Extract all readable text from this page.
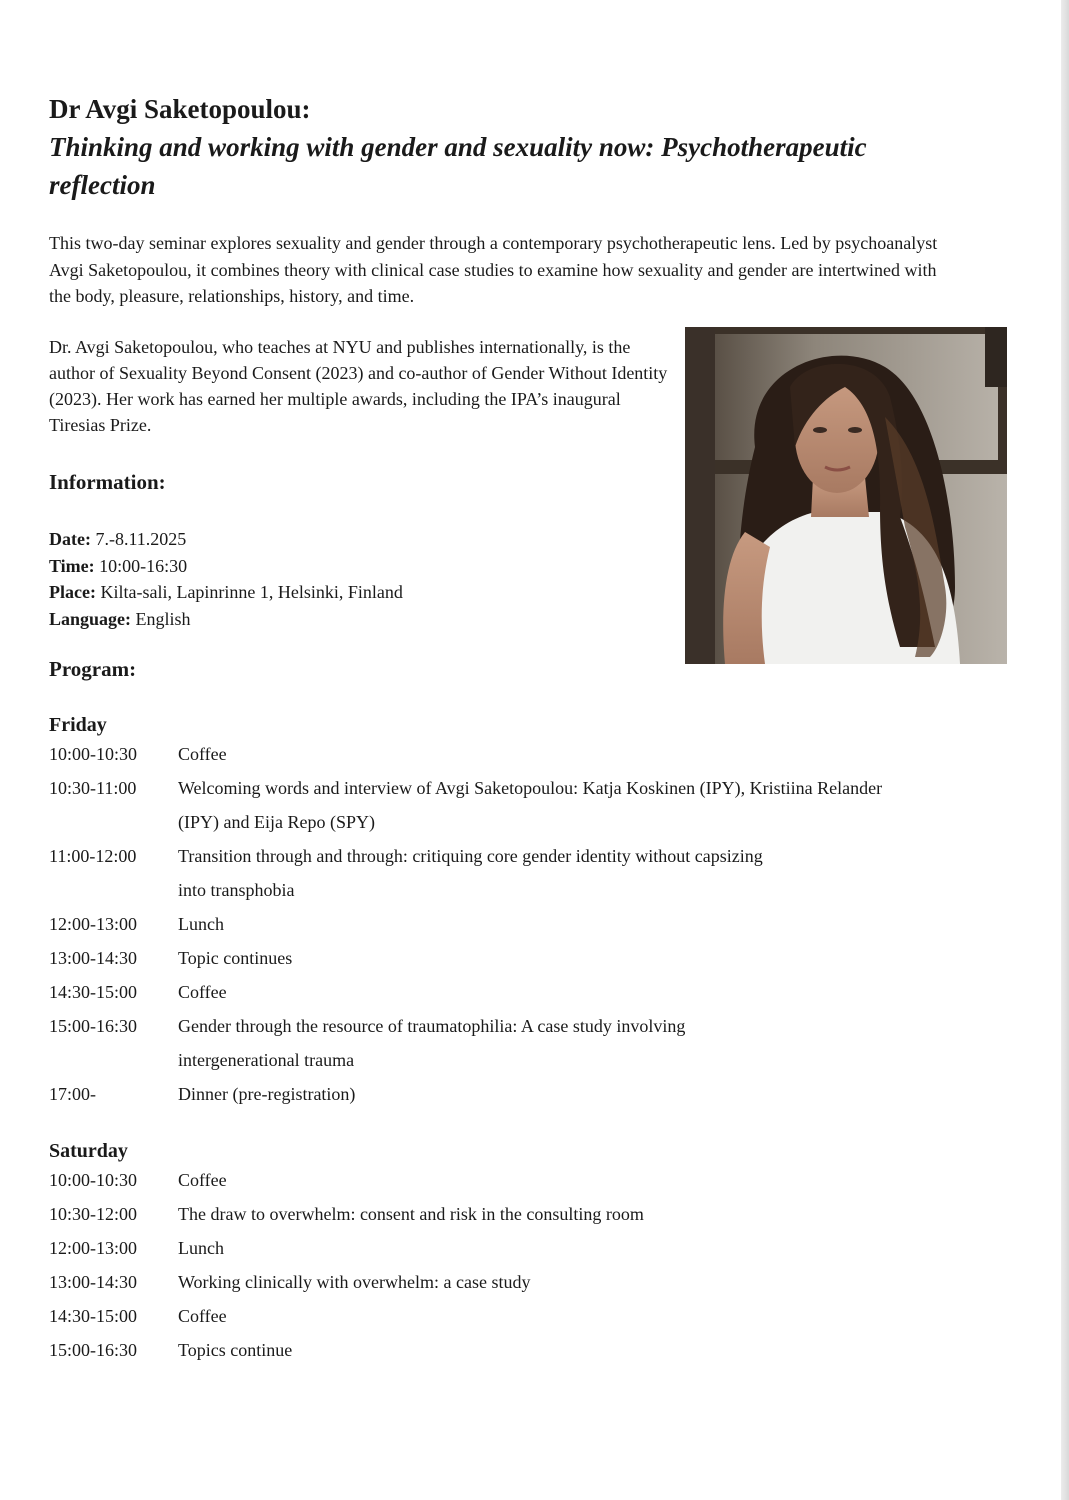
Dr Avgi Saketopoulou:
Thinking and working with gender and sexuality now: Psychotherapeutic reflection

This two-day seminar explores sexuality and gender through a contemporary psychotherapeutic lens. Led by psychoanalyst Avgi Saketopoulou, it combines theory with clinical case studies to examine how sexuality and gender are intertwined with the body, pleasure, relationships, history, and time.

Dr. Avgi Saketopoulou, who teaches at NYU and publishes internationally, is the author of Sexuality Beyond Consent (2023) and co-author of Gender Without Identity (2023). Her work has earned her multiple awards, including the IPA’s inaugural Tiresias Prize.

Information:
Date: 7.-8.11.2025
Time: 10:00-16:30
Place: Kilta-sali, Lapinrinne 1, Helsinki, Finland
Language: English
Program:
Friday
10:00-10:30	Coffee
10:30-11:00	Welcoming words and interview of Avgi Saketopoulou: Katja Koskinen (IPY), Kristiina Relander (IPY) and Eija Repo (SPY)
11:00-12:00	Transition through and through: critiquing core gender identity without capsizing into transphobia
12:00-13:00	Lunch
13:00-14:30	Topic continues
14:30-15:00	Coffee
15:00-16:30	Gender through the resource of traumatophilia: A case study involving intergenerational trauma
17:00-	Dinner (pre-registration)
Saturday
10:00-10:30	Coffee
10:30-12:00	The draw to overwhelm: consent and risk in the consulting room
12:00-13:00	Lunch
13:00-14:30	Working clinically with overwhelm: a case study
14:30-15:00	Coffee
15:00-16:30	Topics continue
